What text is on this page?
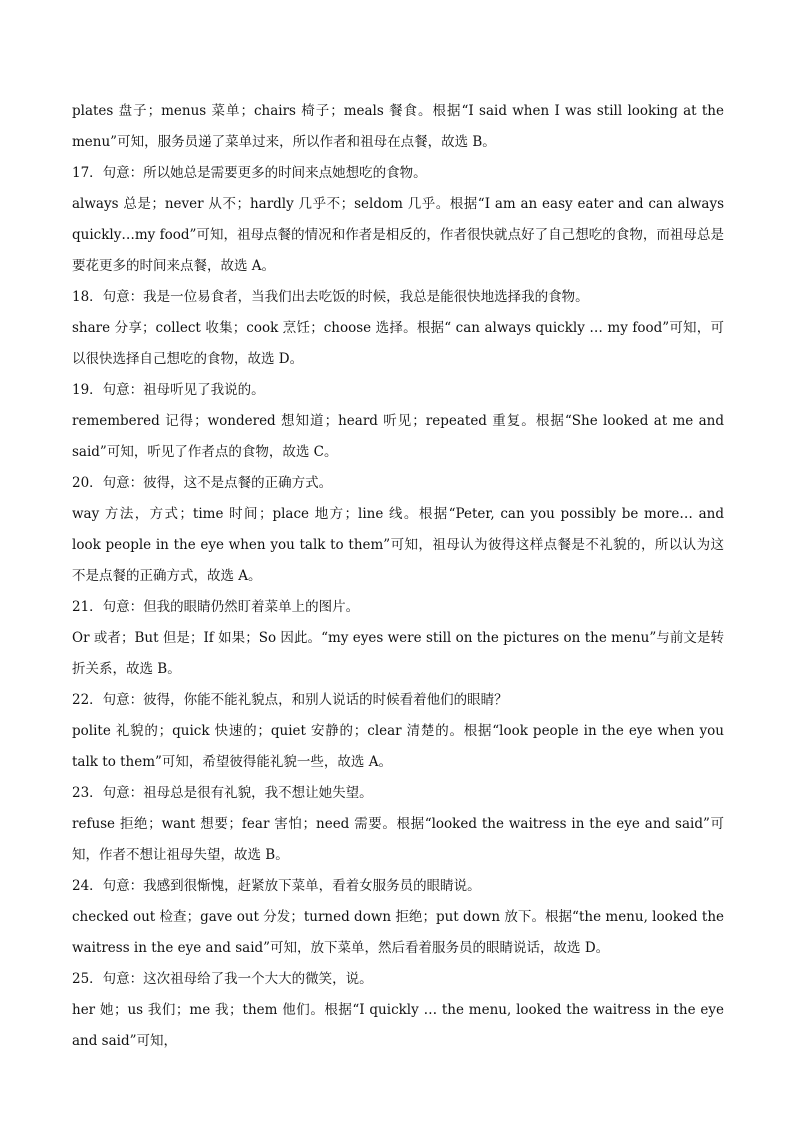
plates 盘子；menus 菜单；chairs 椅子；meals 餐食。根据“I said when I was still looking at the menu”可知，服务员递了菜单过来，所以作者和祖母在点餐，故选 B。

17．句意：所以她总是需要更多的时间来点她想吃的食物。

always 总是；never 从不；hardly 几乎不；seldom 几乎。根据“I am an easy eater and can always quickly…my food”可知，祖母点餐的情况和作者是相反的，作者很快就点好了自己想吃的食物，而祖母总是要花更多的时间来点餐，故选 A。

18．句意：我是一位易食者，当我们出去吃饭的时候，我总是能很快地选择我的食物。

share 分享；collect 收集；cook 烹饪；choose 选择。根据“ can always quickly … my food”可知，可以很快选择自己想吃的食物，故选 D。

19．句意：祖母听见了我说的。

remembered 记得；wondered 想知道；heard 听见；repeated 重复。根据“She looked at me and said”可知，听见了作者点的食物，故选 C。

20．句意：彼得，这不是点餐的正确方式。

way 方法，方式；time 时间；place 地方；line 线。根据“Peter, can you possibly be more… and look people in the eye when you talk to them”可知，祖母认为彼得这样点餐是不礼貌的，所以认为这不是点餐的正确方式，故选 A。

21．句意：但我的眼睛仍然盯着菜单上的图片。

Or 或者；But 但是；If 如果；So 因此。“my eyes were still on the pictures on the menu”与前文是转折关系，故选 B。

22．句意：彼得，你能不能礼貌点，和别人说话的时候看着他们的眼睛？

polite 礼貌的；quick 快速的；quiet 安静的；clear 清楚的。根据“look people in the eye when you talk to them”可知，希望彼得能礼貌一些，故选 A。

23．句意：祖母总是很有礼貌，我不想让她失望。

refuse 拒绝；want 想要；fear 害怕；need 需要。根据“looked the waitress in the eye and said”可知，作者不想让祖母失望，故选 B。

24．句意：我感到很惭愧，赶紧放下菜单，看着女服务员的眼睛说。

checked out 检查；gave out 分发；turned down 拒绝；put down 放下。根据“the menu, looked the waitress in the eye and said”可知，放下菜单，然后看着服务员的眼睛说话，故选 D。

25．句意：这次祖母给了我一个大大的微笑，说。

her 她；us 我们；me 我；them 他们。根据“I quickly … the menu, looked the waitress in the eye and said”可知，
